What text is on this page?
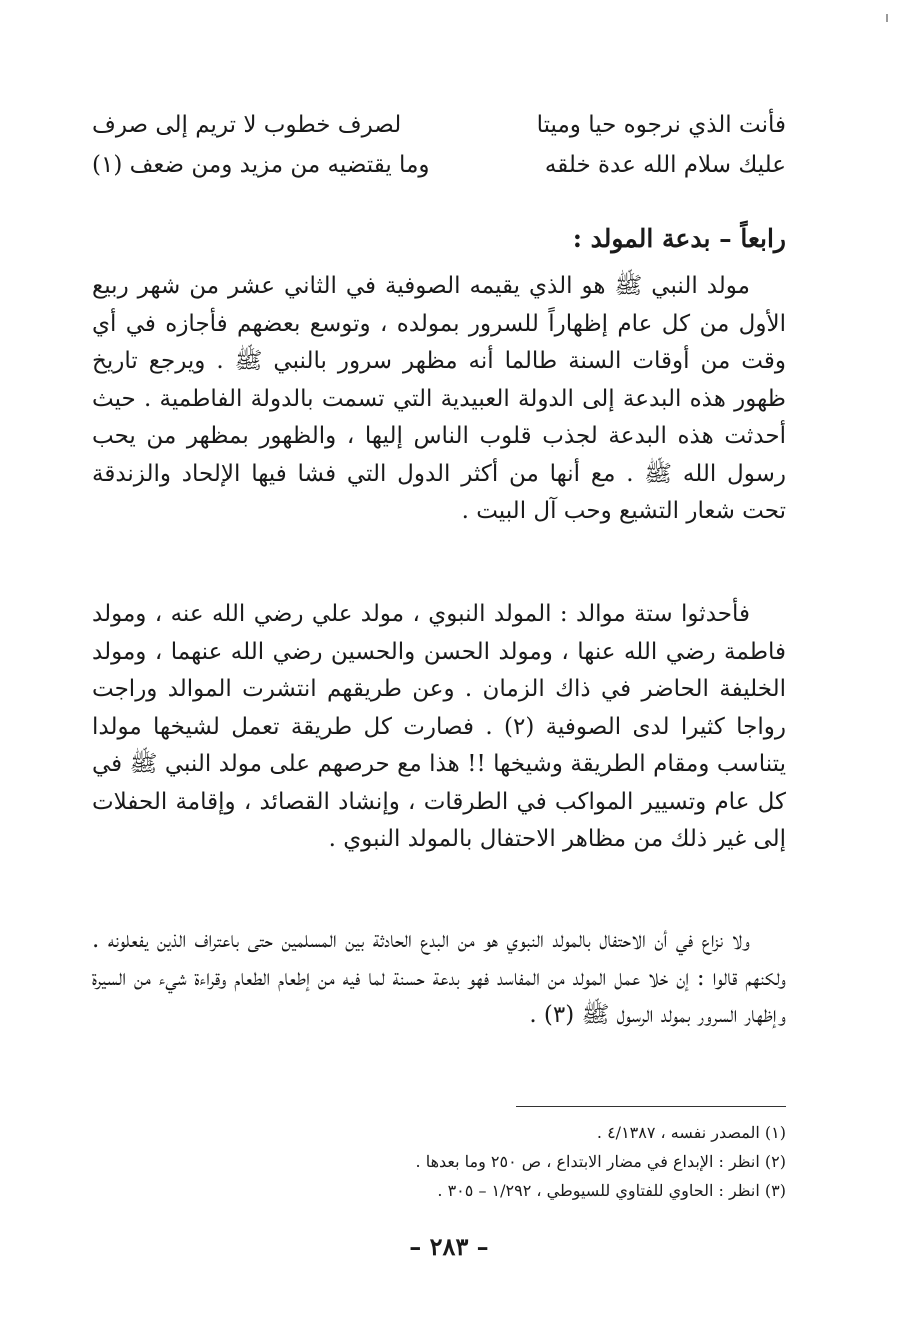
فأنت الذي نرجوه حيا وميتا
لصرف خطوب لا تريم إلى صرف
عليك سلام الله عدة خلقه
وما يقتضيه من مزيد ومن ضعف (١)
رابعاً – بدعة المولد :

مولد النبي ﷺ هو الذي يقيمه الصوفية في الثاني عشر من شهر ربيع الأول من كل عام إظهاراً للسرور بمولده ، وتوسع بعضهم فأجازه في أي وقت من أوقات السنة طالما أنه مظهر سرور بالنبي ﷺ . ويرجع تاريخ ظهور هذه البدعة إلى الدولة العبيدية التي تسمت بالدولة الفاطمية . حيث أحدثت هذه البدعة لجذب قلوب الناس إليها ، والظهور بمظهر من يحب رسول الله ﷺ . مع أنها من أكثر الدول التي فشا فيها الإلحاد والزندقة تحت شعار التشيع وحب آل البيت .

فأحدثوا ستة موالد : المولد النبوي ، مولد علي رضي الله عنه ، ومولد فاطمة رضي الله عنها ، ومولد الحسن والحسين رضي الله عنهما ، ومولد الخليفة الحاضر في ذاك الزمان . وعن طريقهم انتشرت الموالد وراجت رواجا كثيرا لدى الصوفية (٢) . فصارت كل طريقة تعمل لشيخها مولدا يتناسب ومقام الطريقة وشيخها !! هذا مع حرصهم على مولد النبي ﷺ في كل عام وتسيير المواكب في الطرقات ، وإنشاد القصائد ، وإقامة الحفلات إلى غير ذلك من مظاهر الاحتفال بالمولد النبوي .

ولا نزاع في أن الاحتفال بالمولد النبوي هو من البدع الحادثة بين المسلمين حتى باعتراف الذين يفعلونه . ولكنهم قالوا : إن خلا عمل المولد من المفاسد فهو بدعة حسنة لما فيه من إطعام الطعام وقراءة شيء من السيرة وإظهار السرور بمولد الرسول ﷺ (٣) .

(١) المصدر نفسه ، ٤/١٣٨٧ .
(٢) انظر : الإبداع في مضار الابتداع ، ص ٢٥٠ وما بعدها .
(٣) انظر : الحاوي للفتاوي للسيوطي ، ١/٢٩٢ – ٣٠٥ .
– ٢٨٣ –
